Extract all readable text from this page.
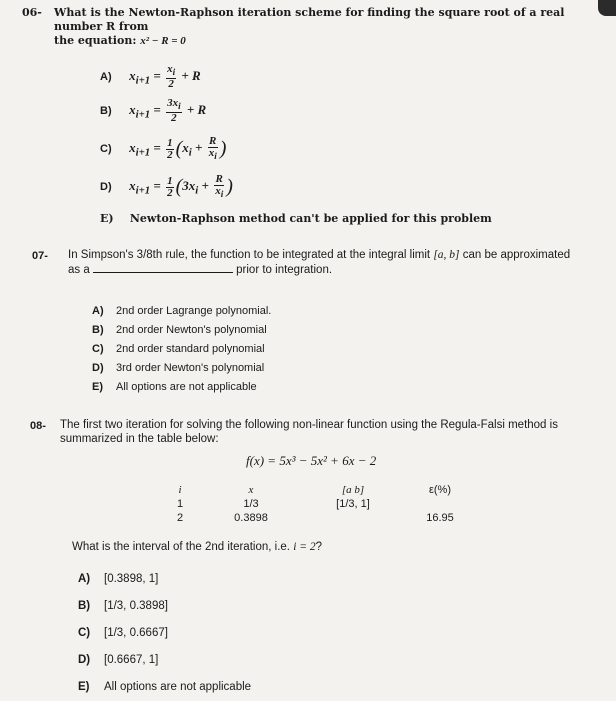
06- What is the Newton-Raphson iteration scheme for finding the square root of a real number R from
the equation: x² − R = 0
A) $x_{i+1} = \frac{x_i}{2} + R$
B) $x_{i+1} = \frac{3x_i}{2} + R$
C) $x_{i+1} = \frac{1}{2} (x_i + \frac{R}{x_i}$ )
D) $x_{i+1} = \frac{1}{2} (3x_i + \frac{R}{x_i}$ )
E) Newton-Raphson method can't be applied for this problem
07- In Simpson's 3/8th rule, the function to be integrated at the integral limit [a, b] can be approximated
as a	prior to integration.
A) 2nd order Lagrange polynomial.
B) 2nd order Newton's polynomial
C) 2nd order standard polynomial
D) 3rd order Newton's polynomial
E) All options are not applicable
08- The first two iteration for solving the following non-linear function using the Regula-Falsi method is
summarized in the table below:
f(x) = 5x³ − 5x² + 6x − 2
i	x	[a b]	ε(%)
1	1/3	[1/3, 1]	
2	0.3898		16.95
What is the interval of the 2nd iteration, i.e. i = 2?
A) [0.3898, 1]
B) [1/3, 0.3898]
C) [1/3, 0.6667]
D) [0.6667, 1]
E) All options are not applicable
